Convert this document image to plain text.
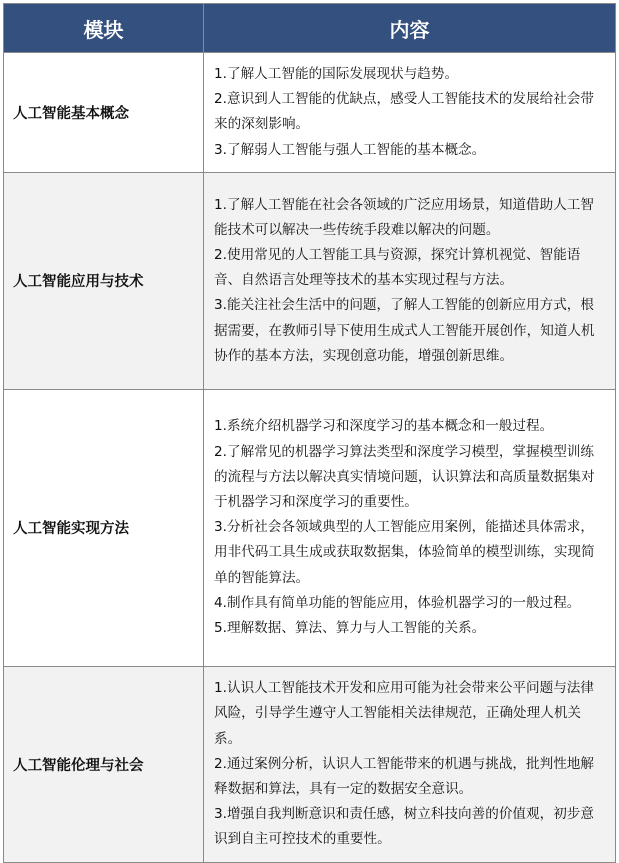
模块	内容
人工智能基本概念	1.了解人工智能的国际发展现状与趋势。
2.意识到人工智能的优缺点，感受人工智能技术的发展给社会带来的深刻影响。
3.了解弱人工智能与强人工智能的基本概念。

人工智能应用与技术	1.了解人工智能在社会各领域的广泛应用场景，知道借助人工智能技术可以解决一些传统手段难以解决的问题。
2.使用常见的人工智能工具与资源，探究计算机视觉、智能语音、自然语言处理等技术的基本实现过程与方法。
3.能关注社会生活中的问题，了解人工智能的创新应用方式，根据需要，在教师引导下使用生成式人工智能开展创作，知道人机协作的基本方法，实现创意功能，增强创新思维。

人工智能实现方法	1.系统介绍机器学习和深度学习的基本概念和一般过程。
2.了解常见的机器学习算法类型和深度学习模型，掌握模型训练的流程与方法以解决真实情境问题，认识算法和高质量数据集对于机器学习和深度学习的重要性。
3.分析社会各领域典型的人工智能应用案例，能描述具体需求，用非代码工具生成或获取数据集，体验简单的模型训练，实现简单的智能算法。
4.制作具有简单功能的智能应用，体验机器学习的一般过程。
5.理解数据、算法、算力与人工智能的关系。

人工智能伦理与社会	1.认识人工智能技术开发和应用可能为社会带来公平问题与法律风险，引导学生遵守人工智能相关法律规范，正确处理人机关系。
2.通过案例分析，认识人工智能带来的机遇与挑战，批判性地解释数据和算法，具有一定的数据安全意识。
3.增强自我判断意识和责任感，树立科技向善的价值观，初步意识到自主可控技术的重要性。
